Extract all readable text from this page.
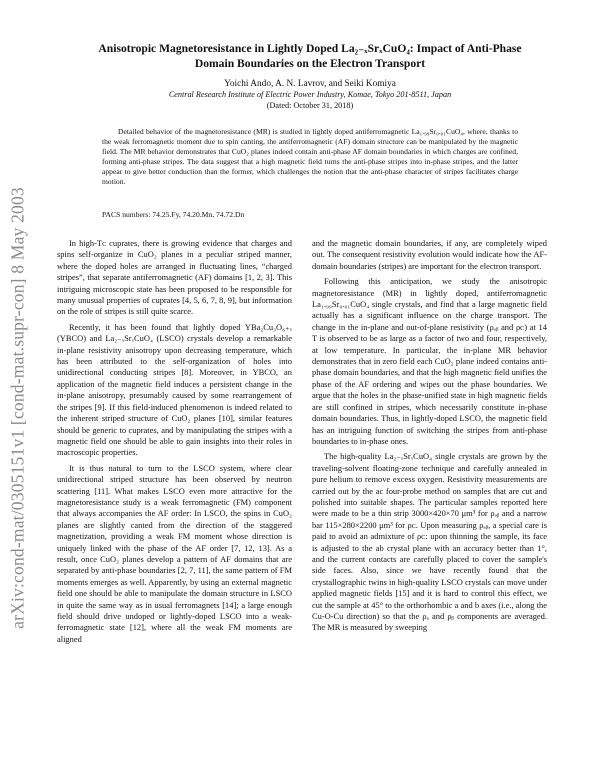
arXiv:cond-mat/0305151v1 [cond-mat.supr-con] 8 May 2003
Anisotropic Magnetoresistance in Lightly Doped La₂₋ₓSrₓCuO₄: Impact of Anti-Phase Domain Boundaries on the Electron Transport
Yoichi Ando, A. N. Lavrov, and Seiki Komiya
Central Research Institute of Electric Power Industry, Komae, Tokyo 201-8511, Japan
(Dated: October 31, 2018)
Detailed behavior of the magnetoresistance (MR) is studied in lightly doped antiferromagnetic La₁.₉₉Sr₀.₀₁CuO₄, where, thanks to the weak ferromagnetic moment due to spin canting, the antiferromagnetic (AF) domain structure can be manipulated by the magnetic field. The MR behavior demonstrates that CuO₂ planes indeed contain anti-phase AF domain boundaries in which charges are confined, forming anti-phase stripes. The data suggest that a high magnetic field turns the anti-phase stripes into in-phase stripes, and the latter appear to give better conduction than the former, which challenges the notion that the anti-phase character of stripes facilitates charge motion.
PACS numbers: 74.25.Fy, 74.20.Mn, 74.72.Dn

In high-Tᴄ cuprates, there is growing evidence that charges and spins self-organize in CuO₂ planes in a peculiar striped manner, where the doped holes are arranged in fluctuating lines, “charged stripes”, that separate antiferromagnetic (AF) domains [1, 2, 3]. This intriguing microscopic state has been proposed to be responsible for many unusual properties of cuprates [4, 5, 6, 7, 8, 9], but information on the role of stripes is still quite scarce.

Recently, it has been found that lightly doped YBa₂Cu₃O₆₊ₓ (YBCO) and La₂₋ₓSrₓCuO₄ (LSCO) crystals develop a remarkable in-plane resistivity anisotropy upon decreasing temperature, which has been attributed to the self-organization of holes into unidirectional conducting stripes [8]. Moreover, in YBCO, an application of the magnetic field induces a persistent change in the in-plane anisotropy, presumably caused by some rearrangement of the stripes [9]. If this field-induced phenomenon is indeed related to the inherent striped structure of CuO₂ planes [10], similar features should be generic to cuprates, and by manipulating the stripes with a magnetic field one should be able to gain insights into their roles in macroscopic properties.

It is thus natural to turn to the LSCO system, where clear unidirectional striped structure has been observed by neutron scattering [11]. What makes LSCO even more attractive for the magnetoresistance study is a weak ferromagnetic (FM) component that always accompanies the AF order: In LSCO, the spins in CuO₂ planes are slightly canted from the direction of the staggered magnetization, providing a weak FM moment whose direction is uniquely linked with the phase of the AF order [7, 12, 13]. As a result, once CuO₂ planes develop a pattern of AF domains that are separated by anti-phase boundaries [2, 7, 11], the same pattern of FM moments emerges as well. Apparently, by using an external magnetic field one should be able to manipulate the domain structure in LSCO in quite the same way as in usual ferromagnets [14]; a large enough field should drive undoped or lightly-doped LSCO into a weak-ferromagnetic state [12], where all the weak FM moments are aligned

and the magnetic domain boundaries, if any, are completely wiped out. The consequent resistivity evolution would indicate how the AF-domain boundaries (stripes) are important for the electron transport.

Following this anticipation, we study the anisotropic magnetoresistance (MR) in lightly doped, antiferromagnetic La₁.₉₉Sr₀.₀₁CuO₄ single crystals, and find that a large magnetic field actually has a significant influence on the charge transport. The change in the in-plane and out-of-plane resistivity (ρₐᵦ and ρᴄ) at 14 T is observed to be as large as a factor of two and four, respectively, at low temperature. In particular, the in-plane MR behavior demonstrates that in zero field each CuO₂ plane indeed contains anti-phase domain boundaries, and that the high magnetic field unifies the phase of the AF ordering and wipes out the phase boundaries. We argue that the holes in the phase-unified state in high magnetic fields are still confined in stripes, which necessarily constitute in-phase domain boundaries. Thus, in lightly-doped LSCO, the magnetic field has an intriguing function of switching the stripes from anti-phase boundaries to in-phase ones.

The high-quality La₂₋ₓSrₓCuO₄ single crystals are grown by the traveling-solvent floating-zone technique and carefully annealed in pure helium to remove excess oxygen. Resistivity measurements are carried out by the ac four-probe method on samples that are cut and polished into suitable shapes. The particular samples reported here were made to be a thin strip 3000×420×70 μm³ for ρₐᵦ and a narrow bar 115×280×2200 μm³ for ρᴄ. Upon measuring ρₐᵦ, a special care is paid to avoid an admixture of ρᴄ: upon thinning the sample, its face is adjusted to the ab crystal plane with an accuracy better than 1°, and the current contacts are carefully placed to cover the sample's side faces. Also, since we have recently found that the crystallographic twins in high-quality LSCO crystals can move under applied magnetic fields [15] and it is hard to control this effect, we cut the sample at 45° to the orthorhombic a and b axes (i.e., along the Cu-O-Cu direction) so that the ρₐ and ρᵦ components are averaged. The MR is measured by sweeping
